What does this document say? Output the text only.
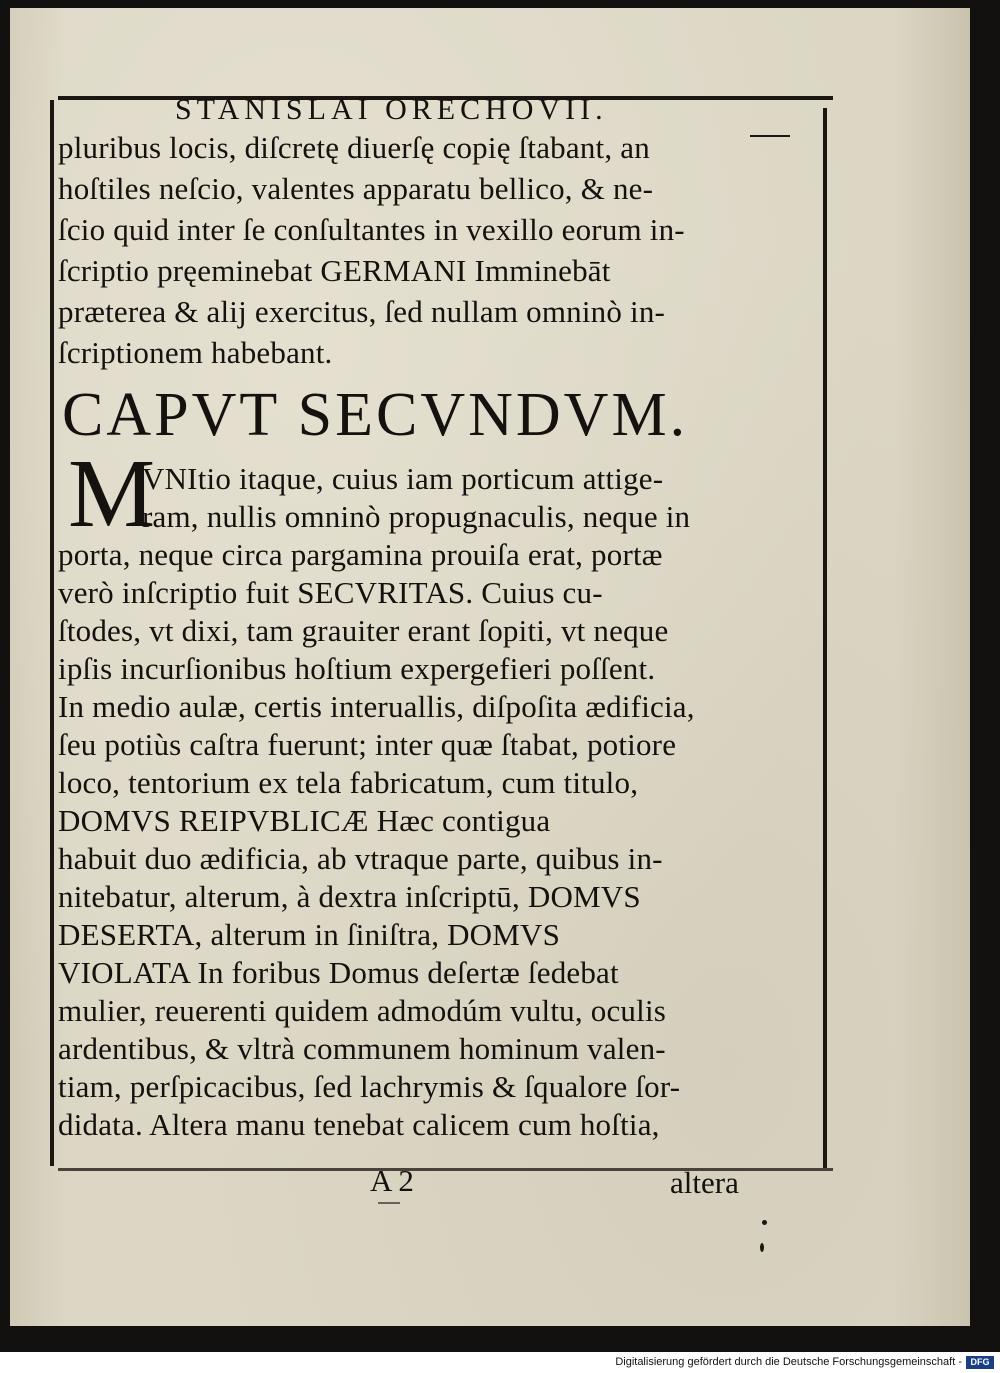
STANISLAI ORECHOVII.
pluribus locis, diſcretę diuerſę copię ſtabant, an
hoſtiles neſcio, valentes apparatu bellico, & ne-
ſcio quid inter ſe conſultantes in vexillo eorum in-
ſcriptio pręeminebat GERMANI Imminebāt
præterea & alij exercitus, ſed nullam omninò in-
ſcriptionem habebant.
CAPVT SECVNDVM.
M
VNItio itaque, cuius iam porticum attige-
ram, nullis omninò propugnaculis, neque in
porta, neque circa pargamina prouiſa erat, portæ
verò inſcriptio fuit SECVRITAS. Cuius cu-
ſtodes, vt dixi, tam grauiter erant ſopiti, vt neque
ipſis incurſionibus hoſtium expergefieri poſſent.
In medio aulæ, certis interuallis, diſpoſita ædificia,
ſeu potiùs caſtra fuerunt; inter quæ ſtabat, potiore
loco, tentorium ex tela fabricatum, cum titulo,
DOMVS REIPVBLICÆ Hæc contigua
habuit duo ædificia, ab vtraque parte, quibus in-
nitebatur, alterum, à dextra inſcriptū, DOMVS
DESERTA, alterum in ſiniſtra, DOMVS
VIOLATA In foribus Domus deſertæ ſedebat
mulier, reuerenti quidem admodúm vultu, oculis
ardentibus, & vltrà communem hominum valen-
tiam, perſpicacibus, ſed lachrymis & ſqualore ſor-
didata. Altera manu tenebat calicem cum hoſtia,
A 2	altera
Digitalisierung gefördert durch die Deutsche Forschungsgemeinschaft - DFG
